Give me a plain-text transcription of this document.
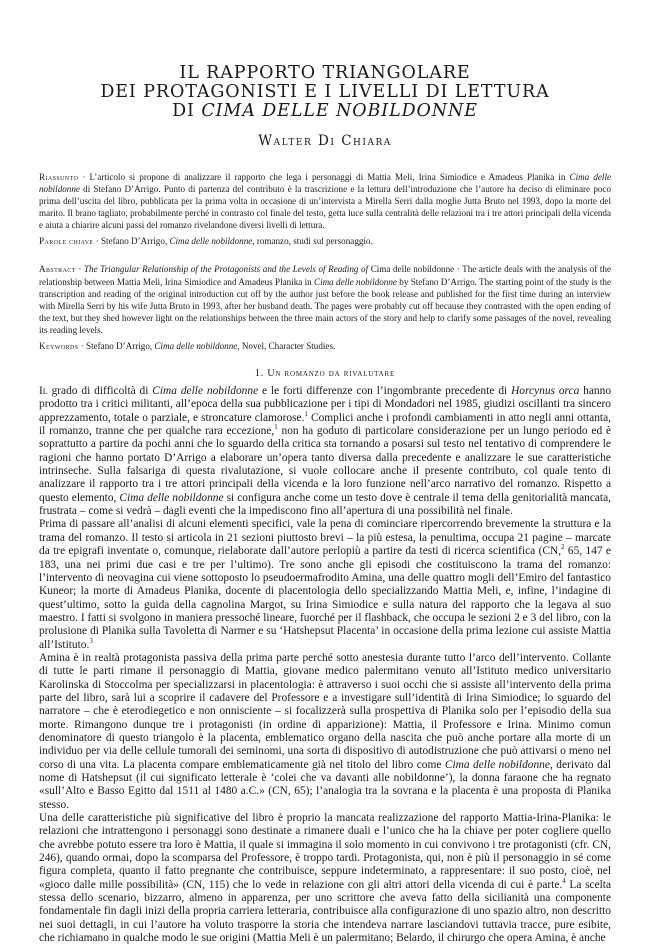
IL RAPPORTO TRIANGOLARE
DEI PROTAGONISTI E I LIVELLI DI LETTURA
DI CIMA DELLE NOBILDONNE
Walter Di Chiara

Riassunto · L’articolo si propone di analizzare il rapporto che lega i personaggi di Mattia Meli, Irina Simiodice e Amadeus Planika in Cima delle nobildonne di Stefano D’Arrigo. Punto di partenza del contributo è la trascrizione e la lettura dell’introduzione che l’autore ha deciso di eliminare poco prima dell’uscita del libro, pubblicata per la prima volta in occasione di un’intervista a Mirella Serri dalla moglie Jutta Bruto nel 1993, dopo la morte del marito. Il brano tagliato, probabilmente perché in contrasto col finale del testo, getta luce sulla centralità delle relazioni tra i tre attori principali della vicenda e aiuta a chiarire alcuni passi del romanzo rivelandone diversi livelli di lettura.

Parole chiave · Stefano D’Arrigo, Cima delle nobildonne, romanzo, studi sul personaggio.

Abstract · The Triangular Relationship of the Protagonists and the Levels of Reading of Cima delle nobildonne · The article deals with the analysis of the relationship between Mattia Meli, Irina Simiodice and Amadeus Planika in Cima delle nobildonne by Stefano D’Arrigo. The starting point of the study is the transcription and reading of the original introduction cut off by the author just before the book release and published for the first time during an interview with Mirella Serri by his wife Jutta Bruto in 1993, after her husband death. The pages were probably cut off because they contrasted with the open ending of the text, but they shed however light on the relationships between the three main actors of the story and help to clarify some passages of the novel, revealing its reading levels.

Keywords · Stefano D’Arrigo, Cima delle nobildonne, Novel, Character Studies.

1. Un romanzo da rivalutare

Il grado di difficoltà di Cima delle nobildonne e le forti differenze con l’ingombrante precedente di Horcynus orca hanno prodotto tra i critici militanti, all’epoca della sua pubblicazione per i tipi di Mondadori nel 1985, giudizi oscillanti tra sincero apprezzamento, totale o parziale, e stroncature clamorose.$^1$ Complici anche i profondi cambiamenti in atto negli anni ottanta, il romanzo, tranne che per qualche rara eccezione,$^1$ non ha goduto di particolare considerazione per un lungo periodo ed è soprattutto a partire da pochi anni che lo sguardo della critica sta tornando a posarsi sul testo nel tentativo di comprendere le ragioni che hanno portato D’Arrigo a elaborare un’opera tanto diversa dalla precedente e analizzare le sue caratteristiche intrinseche. Sulla falsariga di questa rivalutazione, si vuole collocare anche il presente contributo, col quale tento di analizzare il rapporto tra i tre attori principali della vicenda e la loro funzione nell’arco narrativo del romanzo. Rispetto a questo elemento, Cima delle nobildonne si configura anche come un testo dove è centrale il tema della genitorialità mancata, frustrata – come si vedrà – dagli eventi che la impediscono fino all’apertura di una possibilità nel finale.

Prima di passare all’analisi di alcuni elementi specifici, vale la pena di cominciare ripercorrendo brevemente la struttura e la trama del romanzo. Il testo si articola in 21 sezioni piuttosto brevi – la più estesa, la penultima, occupa 21 pagine – marcate da tre epigrafi inventate o, comunque, rielaborate dall’autore perlopiù a partire da testi di ricerca scientifica (CN,$^2$ 65, 147 e 183, una nei primi due casi e tre per l’ultimo). Tre sono anche gli episodi che costituiscono la trama del romanzo: l’intervento di neovagina cui viene sottoposto lo pseudoermafrodito Amina, una delle quattro mogli dell’Emiro del fantastico Kuneor; la morte di Amadeus Planika, docente di placentologia dello specializzando Mattia Meli, e, infine, l’indagine di quest’ultimo, sotto la guida della cagnolina Margot, su Irina Simiodice e sulla natura del rapporto che la legava al suo maestro. I fatti si svolgono in maniera pressoché lineare, fuorché per il flashback, che occupa le sezioni 2 e 3 del libro, con la prolusione di Planika sulla Tavoletta di Narmer e su ‘Hatshepsut Placenta’ in occasione della prima lezione cui assiste Mattia all’Istituto.$^3$

Amina è in realtà protagonista passiva della prima parte perché sotto anestesia durante tutto l’arco dell’intervento. Collante di tutte le parti rimane il personaggio di Mattia, giovane medico palermitano venuto all’Istituto medico universitario Karolinska di Stoccolma per specializzarsi in placentologia: è attraverso i suoi occhi che si assiste all’intervento della prima parte del libro, sarà lui a scoprire il cadavere del Professore e a investigare sull’identità di Irina Simiodice; lo sguardo del narratore – che è eterodiegetico e non onnisciente – si focalizzerà sulla prospettiva di Planika solo per l’episodio della sua morte. Rimangono dunque tre i protagonisti (in ordine di apparizione): Mattia, il Professore e Irina. Minimo comun denominatore di questo triangolo è la placenta, emblematico organo della nascita che può anche portare alla morte di un individuo per via delle cellule tumorali dei seminomi, una sorta di dispositivo di autodistruzione che può attivarsi o meno nel corso di una vita. La placenta compare emblematicamente già nel titolo del libro come Cima delle nobildonne, derivato dal nome di Hatshepsut (il cui significato letterale è ‘colei che va davanti alle nobildonne’), la donna faraone che ha regnato «sull’Alto e Basso Egitto dal 1511 al 1480 a.C.» (CN, 65); l’analogia tra la sovrana e la placenta è una proposta di Planika stesso.

Una delle caratteristiche più significative del libro è proprio la mancata realizzazione del rapporto Mattia-Irina-Planika: le relazioni che intrattengono i personaggi sono destinate a rimanere duali e l’unico che ha la chiave per poter cogliere quello che avrebbe potuto essere tra loro è Mattia, il quale si immagina il solo momento in cui convivono i tre protagonisti (cfr. CN, 246), quando ormai, dopo la scomparsa del Professore, è troppo tardi. Protagonista, qui, non è più il personaggio in sé come figura completa, quanto il fatto pregnante che contribuisce, seppure indeterminato, a rappresentare: il suo posto, cioè, nel «gioco dalle mille possibilità» (CN, 115) che lo vede in relazione con gli altri attori della vicenda di cui è parte.$^4$ La scelta stessa dello scenario, bizzarro, almeno in apparenza, per uno scrittore che aveva fatto della sicilianità una componente fondamentale fin dagli inizi della propria carriera letteraria, contribuisce alla configurazione di uno spazio altro, non descritto nei suoi dettagli, in cui l’autore ha voluto trasporre la storia che intendeva narrare lasciandovi tuttavia tracce, pure esibite, che richiamano in qualche modo le sue origini (Mattia Meli è un palermitano; Belardo, il chirurgo che opera Amina, è anche
